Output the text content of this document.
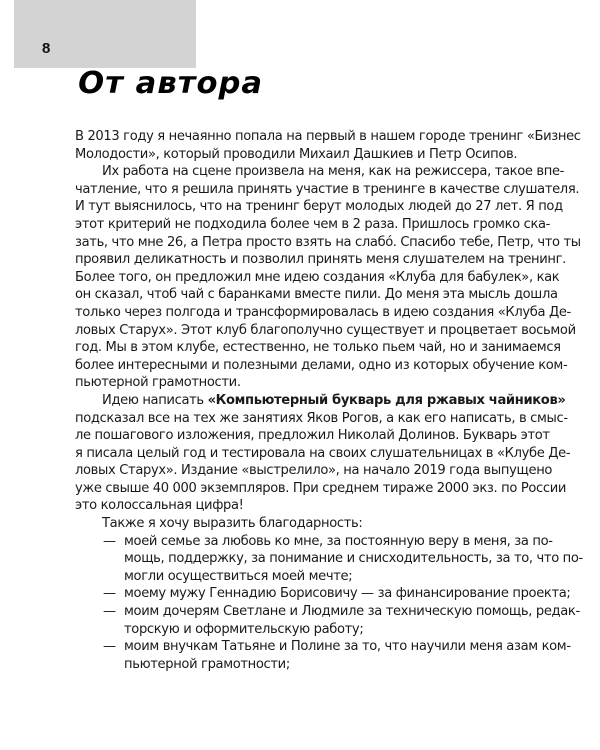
8
От автора
В 2013 году я нечаянно попала на первый в нашем городе тренинг «Бизнес
Молодости», который проводили Михаил Дашкиев и Петр Осипов.
Их работа на сцене произвела на меня, как на режиссера, такое впе-
чатление, что я решила принять участие в тренинге в качестве слушателя.
И тут выяснилось, что на тренинг берут молодых людей до 27 лет. Я под
этот критерий не подходила более чем в 2 раза. Пришлось громко ска-
зать, что мне 26, а Петра просто взять на слабó. Спасибо тебе, Петр, что ты
проявил деликатность и позволил принять меня слушателем на тренинг.
Более того, он предложил мне идею создания «Клуба для бабулек», как
он сказал, чтоб чай с баранками вместе пили. До меня эта мысль дошла
только через полгода и трансформировалась в идею создания «Клуба Де-
ловых Старух». Этот клуб благополучно существует и процветает восьмой
год. Мы в этом клубе, естественно, не только пьем чай, но и занимаемся
более интересными и полезными делами, одно из которых обучение ком-
пьютерной грамотности.
Идею написать «Компьютерный букварь для ржавых чайников»
подсказал все на тех же занятиях Яков Рогов, а как его написать, в смыс-
ле пошагового изложения, предложил Николай Долинов. Букварь этот
я писала целый год и тестировала на своих слушательницах в «Клубе Де-
ловых Старух». Издание «выстрелило», на начало 2019 года выпущено
уже свыше 40 000 экземпляров. При среднем тираже 2000 экз. по России
это колоссальная цифра!
Также я хочу выразить благодарность:
— моей семье за любовь ко мне, за постоянную веру в меня, за по-
мощь, поддержку, за понимание и снисходительность, за то, что по-
могли осуществиться моей мечте;
— моему мужу Геннадию Борисовичу — за финансирование проекта;
— моим дочерям Светлане и Людмиле за техническую помощь, редак-
торскую и оформительскую работу;
— моим внучкам Татьяне и Полине за то, что научили меня азам ком-
пьютерной грамотности;
